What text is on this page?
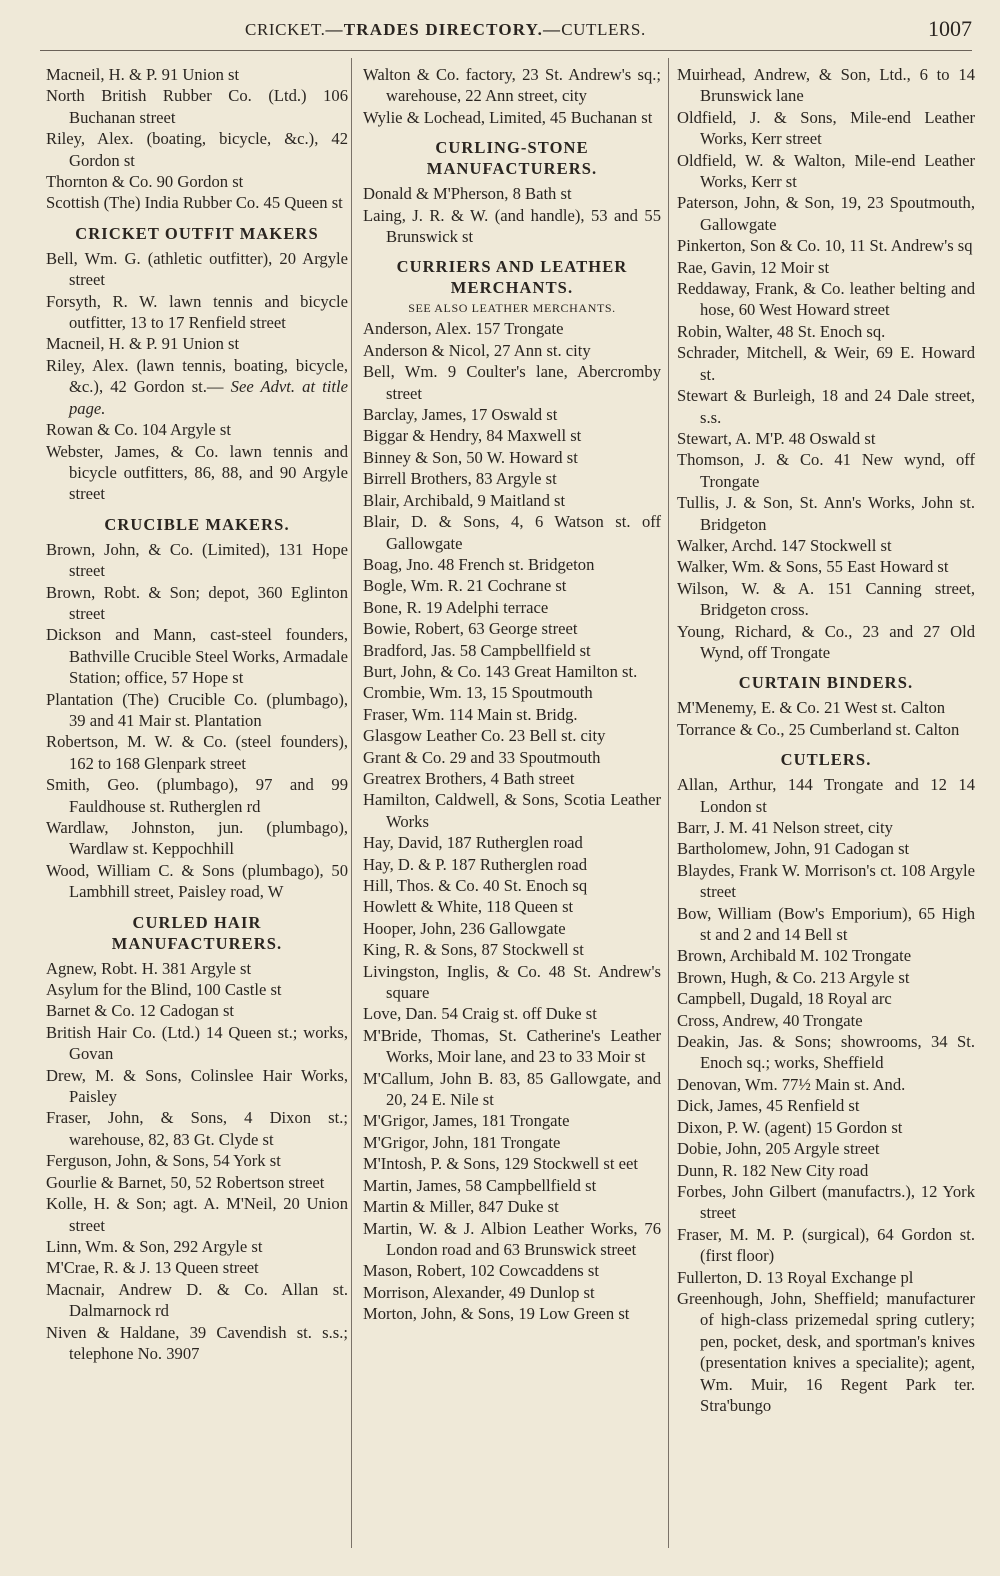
CRICKET.—TRADES DIRECTORY.—CUTLERS.	1007
Macneil, H. & P. 91 Union st
North British Rubber Co. (Ltd.) 106 Buchanan street
Riley, Alex. (boating, bicycle, &c.), 42 Gordon st
Thornton & Co. 90 Gordon st
Scottish (The) India Rubber Co. 45 Queen st
CRICKET OUTFIT MAKERS
Bell, Wm. G. (athletic outfitter), 20 Argyle street
Forsyth, R. W. lawn tennis and bicycle outfitter, 13 to 17 Renfield street
Macneil, H. & P. 91 Union st
Riley, Alex. (lawn tennis, boating, bicycle, &c.), 42 Gordon st.— See Advt. at title page.
Rowan & Co. 104 Argyle st
Webster, James, & Co. lawn tennis and bicycle outfitters, 86, 88, and 90 Argyle street
CRUCIBLE MAKERS.
Brown, John, & Co. (Limited), 131 Hope street
Brown, Robt. & Son; depot, 360 Eglinton street
Dickson and Mann, cast-steel founders, Bathville Crucible Steel Works, Armadale Station; office, 57 Hope st
Plantation (The) Crucible Co. (plumbago), 39 and 41 Mair st. Plantation
Robertson, M. W. & Co. (steel founders), 162 to 168 Glenpark street
Smith, Geo. (plumbago), 97 and 99 Fauldhouse st. Rutherglen rd
Wardlaw, Johnston, jun. (plumbago), Wardlaw st. Keppochhill
Wood, William C. & Sons (plumbago), 50 Lambhill street, Paisley road, W
CURLED HAIR MANUFACTURERS.
Agnew, Robt. H. 381 Argyle st
Asylum for the Blind, 100 Castle st
Barnet & Co. 12 Cadogan st
British Hair Co. (Ltd.) 14 Queen st.; works, Govan
Drew, M. & Sons, Colinslee Hair Works, Paisley
Fraser, John, & Sons, 4 Dixon st.; warehouse, 82, 83 Gt. Clyde st
Ferguson, John, & Sons, 54 York st
Gourlie & Barnet, 50, 52 Robertson street
Kolle, H. & Son; agt. A. M'Neil, 20 Union street
Linn, Wm. & Son, 292 Argyle st
M'Crae, R. & J. 13 Queen street
Macnair, Andrew D. & Co. Allan st. Dalmarnock rd
Niven & Haldane, 39 Cavendish st. s.s.; telephone No. 3907
Walton & Co. factory, 23 St. Andrew's sq.; warehouse, 22 Ann street, city
Wylie & Lochead, Limited, 45 Buchanan st
CURLING-STONE MANUFACTURERS.
Donald & M'Pherson, 8 Bath st
Laing, J. R. & W. (and handle), 53 and 55 Brunswick st
CURRIERS AND LEATHER MERCHANTS.
SEE ALSO LEATHER MERCHANTS.
Anderson, Alex. 157 Trongate
Anderson & Nicol, 27 Ann st. city
Bell, Wm. 9 Coulter's lane, Abercromby street
Barclay, James, 17 Oswald st
Biggar & Hendry, 84 Maxwell st
Binney & Son, 50 W. Howard st
Birrell Brothers, 83 Argyle st
Blair, Archibald, 9 Maitland st
Blair, D. & Sons, 4, 6 Watson st. off Gallowgate
Boag, Jno. 48 French st. Bridgeton
Bogle, Wm. R. 21 Cochrane st
Bone, R. 19 Adelphi terrace
Bowie, Robert, 63 George street
Bradford, Jas. 58 Campbellfield st
Burt, John, & Co. 143 Great Hamilton st.
Crombie, Wm. 13, 15 Spoutmouth
Fraser, Wm. 114 Main st. Bridg.
Glasgow Leather Co. 23 Bell st. city
Grant & Co. 29 and 33 Spoutmouth
Greatrex Brothers, 4 Bath street
Hamilton, Caldwell, & Sons, Scotia Leather Works
Hay, David, 187 Rutherglen road
Hay, D. & P. 187 Rutherglen road
Hill, Thos. & Co. 40 St. Enoch sq
Howlett & White, 118 Queen st
Hooper, John, 236 Gallowgate
King, R. & Sons, 87 Stockwell st
Livingston, Inglis, & Co. 48 St. Andrew's square
Love, Dan. 54 Craig st. off Duke st
M'Bride, Thomas, St. Catherine's Leather Works, Moir lane, and 23 to 33 Moir st
M'Callum, John B. 83, 85 Gallowgate, and 20, 24 E. Nile st
M'Grigor, James, 181 Trongate
M'Grigor, John, 181 Trongate
M'Intosh, P. & Sons, 129 Stockwell st eet
Martin, James, 58 Campbellfield st
Martin & Miller, 847 Duke st
Martin, W. & J. Albion Leather Works, 76 London road and 63 Brunswick street
Mason, Robert, 102 Cowcaddens st
Morrison, Alexander, 49 Dunlop st
Morton, John, & Sons, 19 Low Green st
Muirhead, Andrew, & Son, Ltd., 6 to 14 Brunswick lane
Oldfield, J. & Sons, Mile-end Leather Works, Kerr street
Oldfield, W. & Walton, Mile-end Leather Works, Kerr st
Paterson, John, & Son, 19, 23 Spoutmouth, Gallowgate
Pinkerton, Son & Co. 10, 11 St. Andrew's sq
Rae, Gavin, 12 Moir st
Reddaway, Frank, & Co. leather belting and hose, 60 West Howard street
Robin, Walter, 48 St. Enoch sq.
Schrader, Mitchell, & Weir, 69 E. Howard st.
Stewart & Burleigh, 18 and 24 Dale street, s.s.
Stewart, A. M'P. 48 Oswald st
Thomson, J. & Co. 41 New wynd, off Trongate
Tullis, J. & Son, St. Ann's Works, John st. Bridgeton
Walker, Archd. 147 Stockwell st
Walker, Wm. & Sons, 55 East Howard st
Wilson, W. & A. 151 Canning street, Bridgeton cross.
Young, Richard, & Co., 23 and 27 Old Wynd, off Trongate
CURTAIN BINDERS.
M'Menemy, E. & Co. 21 West st. Calton
Torrance & Co., 25 Cumberland st. Calton
CUTLERS.
Allan, Arthur, 144 Trongate and 12 14 London st
Barr, J. M. 41 Nelson street, city
Bartholomew, John, 91 Cadogan st
Blaydes, Frank W. Morrison's ct. 108 Argyle street
Bow, William (Bow's Emporium), 65 High st and 2 and 14 Bell st
Brown, Archibald M. 102 Trongate
Brown, Hugh, & Co. 213 Argyle st
Campbell, Dugald, 18 Royal arc
Cross, Andrew, 40 Trongate
Deakin, Jas. & Sons; showrooms, 34 St. Enoch sq.; works, Sheffield
Denovan, Wm. 77½ Main st. And.
Dick, James, 45 Renfield st
Dixon, P. W. (agent) 15 Gordon st
Dobie, John, 205 Argyle street
Dunn, R. 182 New City road
Forbes, John Gilbert (manufactrs.), 12 York street
Fraser, M. M. P. (surgical), 64 Gordon st. (first floor)
Fullerton, D. 13 Royal Exchange pl
Greenhough, John, Sheffield; manufacturer of high-class prizemedal spring cutlery; pen, pocket, desk, and sportman's knives (presentation knives a specialite); agent, Wm. Muir, 16 Regent Park ter. Stra'bungo
